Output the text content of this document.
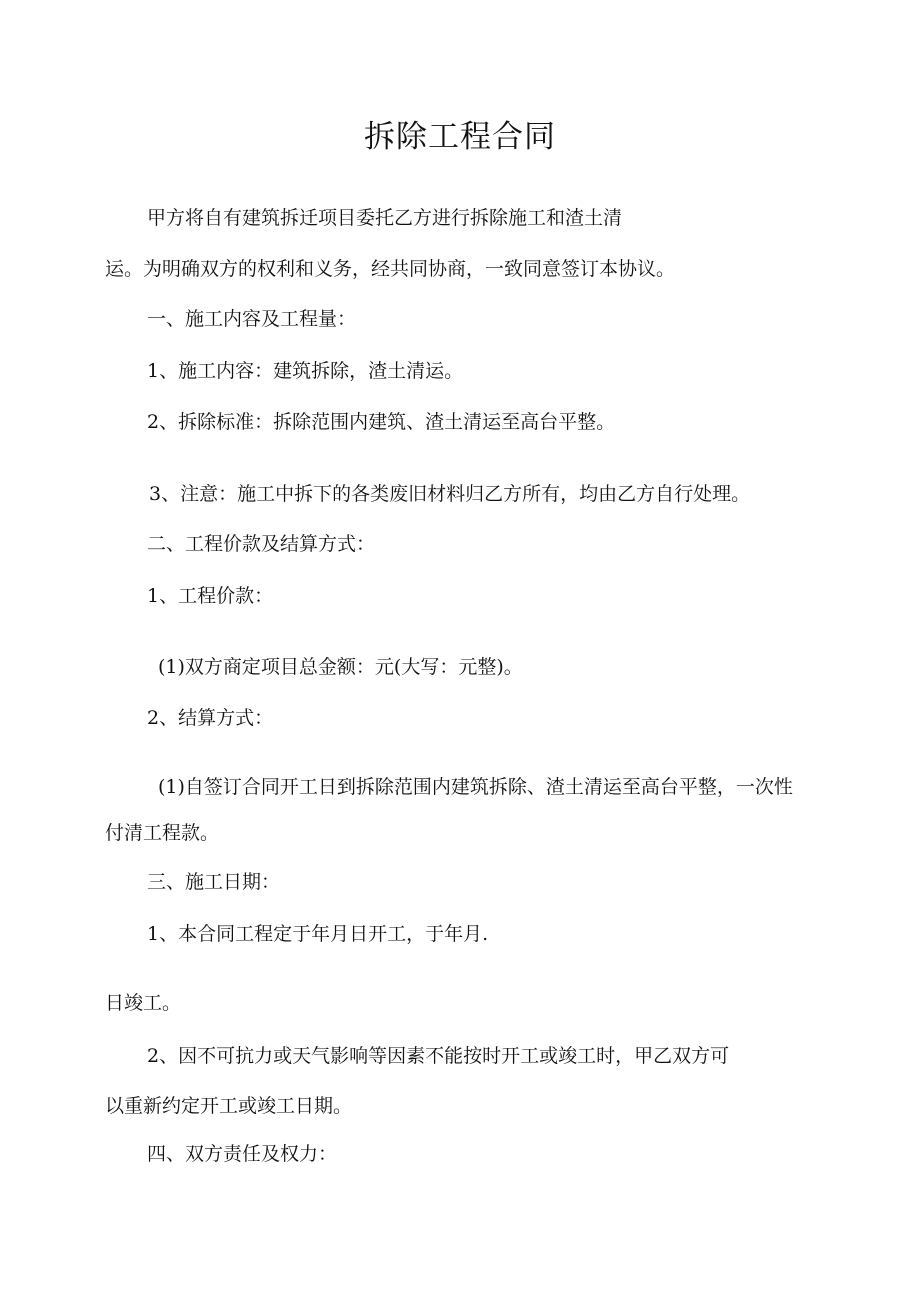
拆除工程合同
甲方将自有建筑拆迁项目委托乙方进行拆除施工和渣土清
运。为明确双方的权利和义务，经共同协商，一致同意签订本协议。
一、施工内容及工程量：
1、施工内容：建筑拆除，渣土清运。
2、拆除标准：拆除范围内建筑、渣土清运至高台平整。
3、注意：施工中拆下的各类废旧材料归乙方所有，均由乙方自行处理。
二、工程价款及结算方式：
1、工程价款：
(1)双方商定项目总金额：元(大写：元整)。
2、结算方式：
(1)自签订合同开工日到拆除范围内建筑拆除、渣土清运至高台平整，一次性
付清工程款。
三、施工日期：
1、本合同工程定于年月日开工，于年月.
日竣工。
2、因不可抗力或天气影响等因素不能按时开工或竣工时，甲乙双方可
以重新约定开工或竣工日期。
四、双方责任及权力：
